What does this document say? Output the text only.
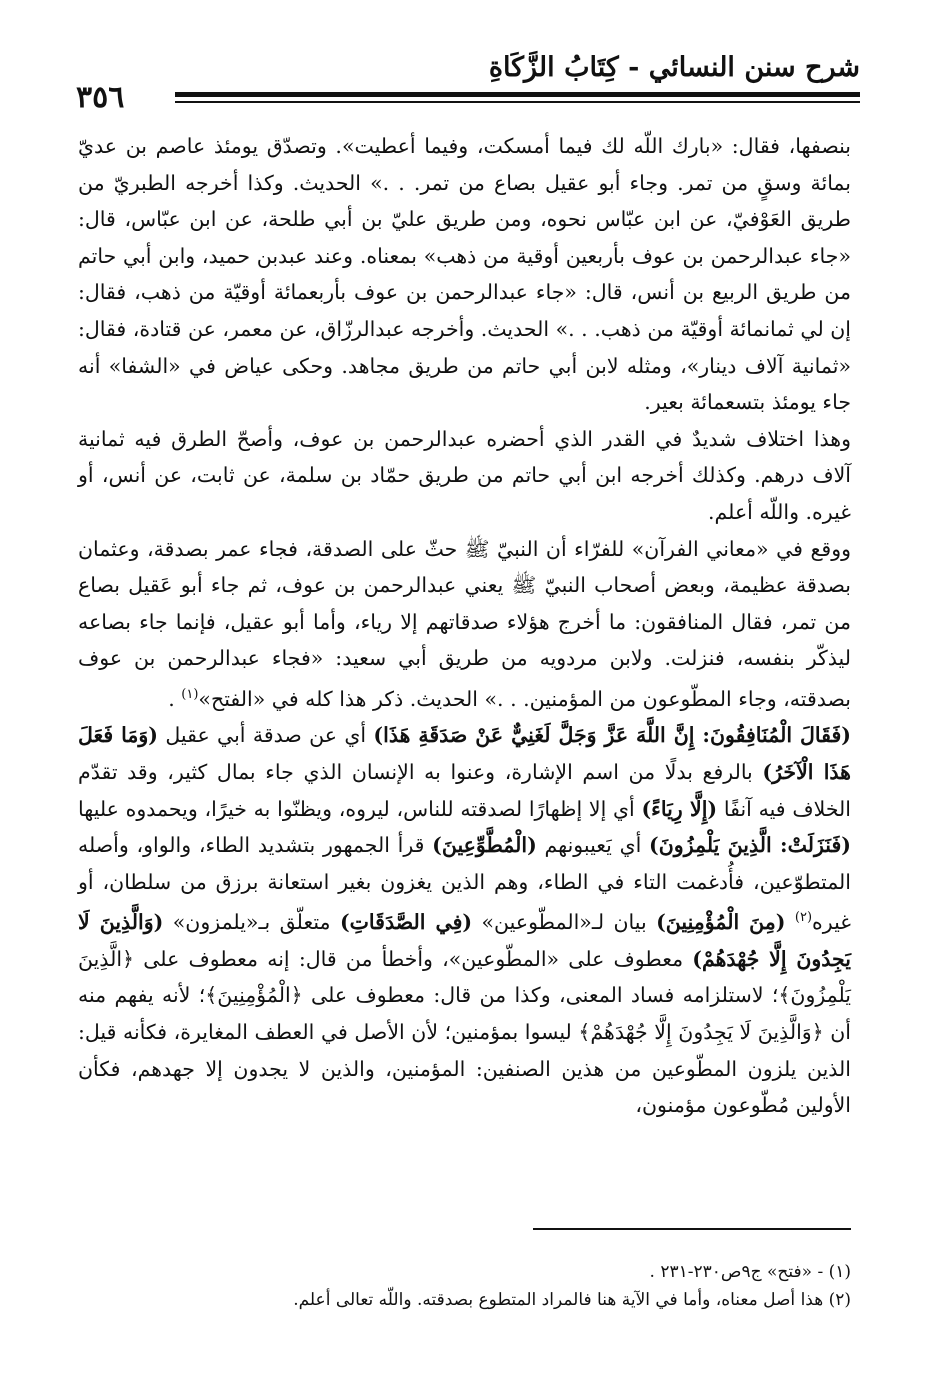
شرح سنن النسائي - كِتَابُ الزَّكَاةِ
٣٥٦

بنصفها، فقال: «بارك اللّه لك فيما أمسكت، وفيما أعطيت». وتصدّق يومئذ عاصم بن عديّ بمائة وسقٍ من تمر. وجاء أبو عقيل بصاع من تمر. . .» الحديث. وكذا أخرجه الطبريّ من طريق العَوْفيّ، عن ابن عبّاس نحوه، ومن طريق عليّ بن أبي طلحة، عن ابن عبّاس، قال: «جاء عبدالرحمن بن عوف بأربعين أوقية من ذهب» بمعناه. وعند عبدبن حميد، وابن أبي حاتم من طريق الربيع بن أنس، قال: «جاء عبدالرحمن بن عوف بأربعمائة أوقيّة من ذهب، فقال: إن لي ثمانمائة أوقيّة من ذهب. . .» الحديث. وأخرجه عبدالرزّاق، عن معمر، عن قتادة، فقال: «ثمانية آلاف دينار»، ومثله لابن أبي حاتم من طريق مجاهد. وحكى عياض في «الشفا» أنه جاء يومئذ بتسعمائة بعير.

وهذا اختلاف شديدٌ في القدر الذي أحضره عبدالرحمن بن عوف، وأصحّ الطرق فيه ثمانية آلاف درهم. وكذلك أخرجه ابن أبي حاتم من طريق حمّاد بن سلمة، عن ثابت، عن أنس، أو غيره. واللّه أعلم.

ووقع في «معاني الفرآن» للفرّاء أن النبيّ ﷺ حثّ على الصدقة، فجاء عمر بصدقة، وعثمان بصدقة عظيمة، وبعض أصحاب النبيّ ﷺ يعني عبدالرحمن بن عوف، ثم جاء أبو عَقيل بصاع من تمر، فقال المنافقون: ما أخرج هؤلاء صدقاتهم إلا رياء، وأما أبو عقيل، فإنما جاء بصاعه ليذكّر بنفسه، فنزلت. ولابن مردويه من طريق أبي سعيد: «فجاء عبدالرحمن بن عوف بصدقته، وجاء المطّوعون من المؤمنين. . .» الحديث. ذكر هذا كله في «الفتح»$^{(١)}$ .

(فَقَالَ الْمُنَافِقُونَ: إِنَّ اللَّهَ عَزَّ وَجَلَّ لَغَنِيٌّ عَنْ صَدَقَةِ هَذَا) أي عن صدقة أبي عقيل (وَمَا فَعَلَ هَذَا الْآخَرُ) بالرفع بدلًا من اسم الإشارة، وعنوا به الإنسان الذي جاء بمال كثير، وقد تقدّم الخلاف فيه آنفًا (إِلَّا رِيَاءً) أي إلا إظهارًا لصدقته للناس، ليروه، ويظنّوا به خيرًا، ويحمدوه عليها (فَنَزَلَتْ: الَّذِينَ يَلْمِزُونَ) أي يَعيبونهم (الْمُطَّوِّعِينَ) قرأ الجمهور بتشديد الطاء، والواو، وأصله المتطوّعين، فأُدغمت التاء في الطاء، وهم الذين يغزون بغير استعانة برزق من سلطان، أو غيره$^{(٢)}$ (مِنَ الْمُؤْمِنِينَ) بيان لـ«المطّوعين» (فِي الصَّدَقَاتِ) متعلّق بـ«يلمزون» (وَالَّذِينَ لَا يَجِدُونَ إِلَّا جُهْدَهُمْ) معطوف على «المطّوعين»، وأخطأ من قال: إنه معطوف على ﴿الَّذِينَ يَلْمِزُونَ﴾؛ لاستلزامه فساد المعنى، وكذا من قال: معطوف على ﴿الْمُؤْمِنِينَ﴾؛ لأنه يفهم منه أن ﴿وَالَّذِينَ لَا يَجِدُونَ إِلَّا جُهْدَهُمْ﴾ ليسوا بمؤمنين؛ لأن الأصل في العطف المغايرة، فكأنه قيل: الذين يلزون المطّوعين من هذين الصنفين: المؤمنين، والذين لا يجدون إلا جهدهم، فكأن الأولين مُطّوعون مؤمنون،

(١) - «فتح» ج٩ص٢٣٠-٢٣١ .
(٢) هذا أصل معناه، وأما في الآية هنا فالمراد المتطوع بصدقته. واللّه تعالى أعلم.
